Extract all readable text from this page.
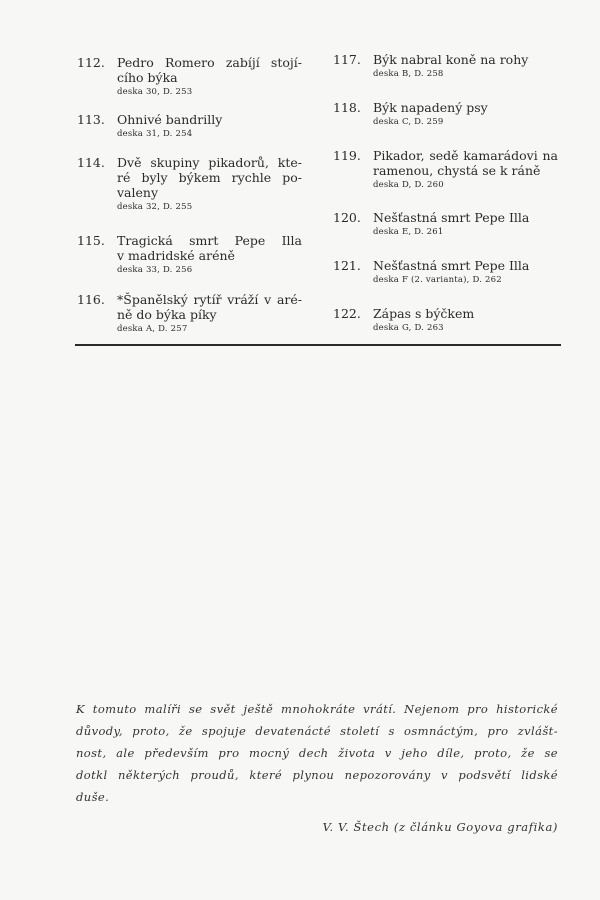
K tomuto malíři se svět ještě mnohokráte vrátí. Nejenom pro historické
důvody, proto, že spojuje devatenácté století s osmnáctým, pro zvlášt-
nost, ale především pro mocný dech života v jeho díle, proto, že se
dotkl některých proudů, které plynou nepozorovány v podsvětí lidské
duše.
V. V. Štech (z článku Goyova grafika)
112. Pedro Romero zabíjí stojí-
cího býka
deska 30, D. 253
113. Ohnivé bandrilly
deska 31, D. 254
114. Dvě skupiny pikadorů, kte-
ré byly býkem rychle po-
valeny
deska 32, D. 255
115. Tragická smrt Pepe Illa
v madridské aréně
deska 33, D. 256
116. *Španělský rytíř vráží v aré-
ně do býka píky
deska A, D. 257
117. Býk nabral koně na rohy
deska B, D. 258
118. Býk napadený psy
deska C, D. 259
119. Pikador, sedě kamarádovi na
ramenou, chystá se k ráně
deska D, D. 260
120. Nešťastná smrt Pepe Illa
deska E, D. 261
121. Nešťastná smrt Pepe Illa
deska F (2. varianta), D. 262
122. Zápas s býčkem
deska G, D. 263
